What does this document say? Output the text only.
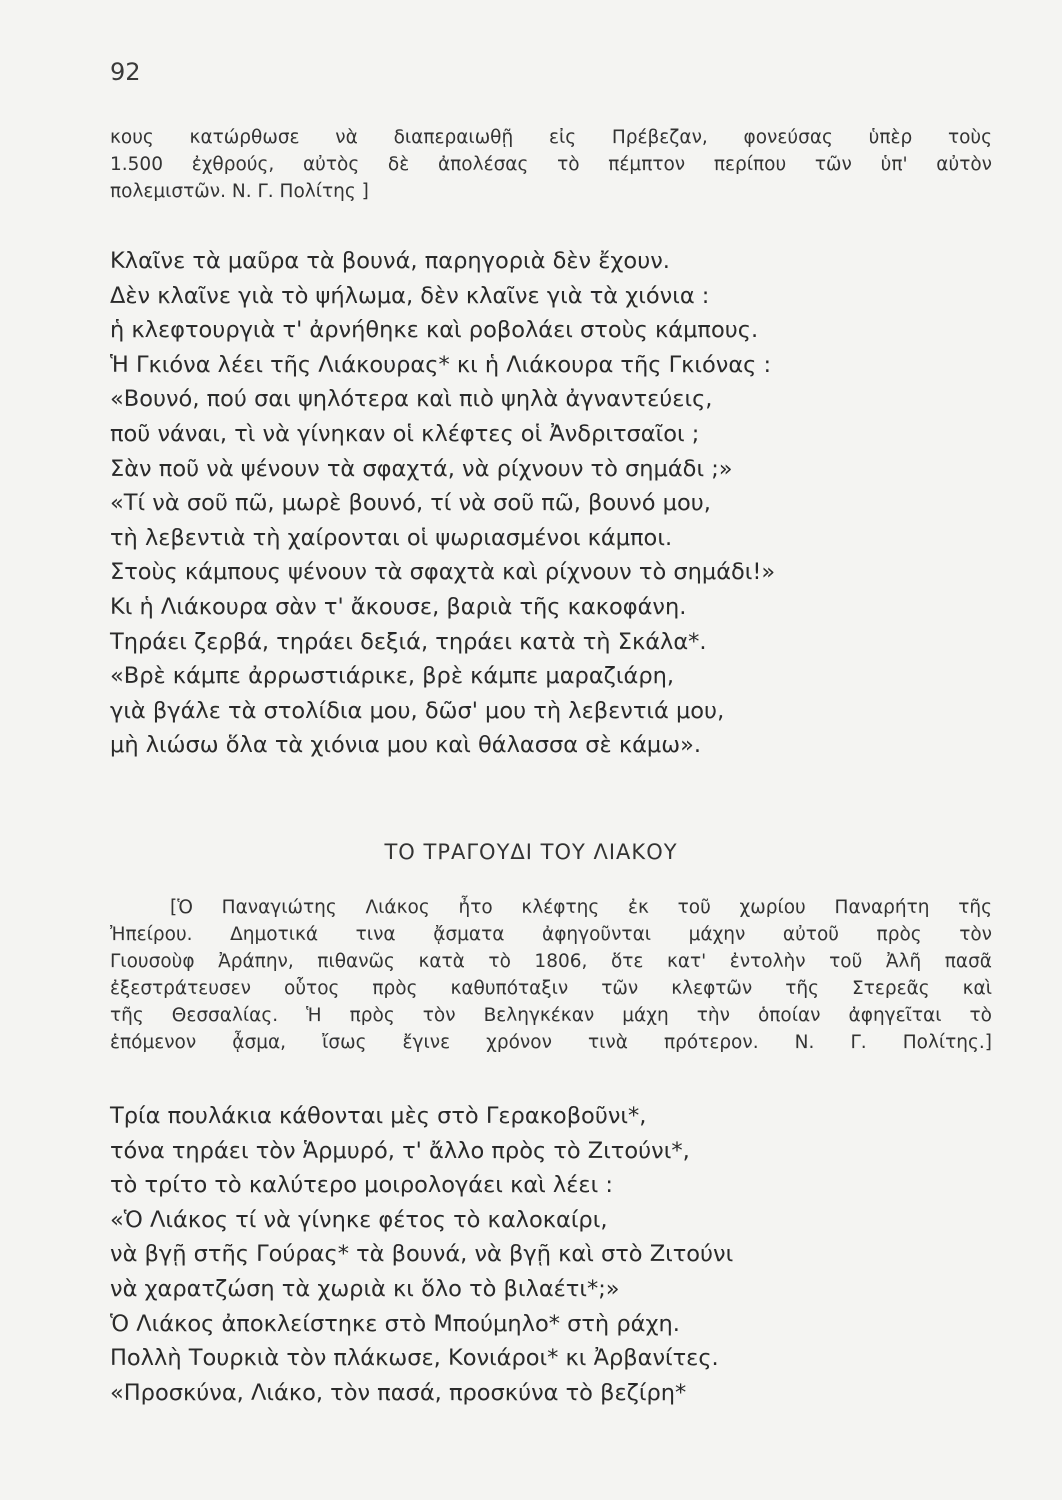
92
κους κατώρθωσε νὰ διαπεραιωθῇ εἰς Πρέβεζαν, φονεύσας ὑπὲρ τοὺς
1.500 ἐχθρούς, αὐτὸς δὲ ἀπολέσας τὸ πέμπτον περίπου τῶν ὑπ' αὐτὸν
πολεμιστῶν. Ν. Γ. Πολίτης ]
Κλαῖνε τὰ μαῦρα τὰ βουνά, παρηγοριὰ δὲν ἔχουν.
Δὲν κλαῖνε γιὰ τὸ ψήλωμα, δὲν κλαῖνε γιὰ τὰ χιόνια :
ἡ κλεφτουργιὰ τ' ἀρνήθηκε καὶ ροβολάει στοὺς κάμπους.
Ἡ Γκιόνα λέει τῆς Λιάκουρας* κι ἡ Λιάκουρα τῆς Γκιόνας :
«Βουνό, πού σαι ψηλότερα καὶ πιὸ ψηλὰ ἀγναντεύεις,
ποῦ νάναι, τὶ νὰ γίνηκαν οἱ κλέφτες οἱ Ἀνδριτσαῖοι ;
Σὰν ποῦ νὰ ψένουν τὰ σφαχτά, νὰ ρίχνουν τὸ σημάδι ;»
«Τί νὰ σοῦ πῶ, μωρὲ βουνό, τί νὰ σοῦ πῶ, βουνό μου,
τὴ λεβεντιὰ τὴ χαίρονται οἱ ψωριασμένοι κάμποι.
Στοὺς κάμπους ψένουν τὰ σφαχτὰ καὶ ρίχνουν τὸ σημάδι!»
Κι ἡ Λιάκουρα σὰν τ' ἄκουσε, βαριὰ τῆς κακοφάνη.
Τηράει ζερβά, τηράει δεξιά, τηράει κατὰ τὴ Σκάλα*.
«Βρὲ κάμπε ἀρρωστιάρικε, βρὲ κάμπε μαραζιάρη,
γιὰ βγάλε τὰ στολίδια μου, δῶσ' μου τὴ λεβεντιά μου,
μὴ λιώσω ὅλα τὰ χιόνια μου καὶ θάλασσα σὲ κάμω».
ΤΟ ΤΡΑΓΟΥΔΙ ΤΟΥ ΛΙΑΚΟΥ
[Ὁ Παναγιώτης Λιάκος ἦτο κλέφτης ἐκ τοῦ χωρίου Παναρήτη τῆς
Ἠπείρου. Δημοτικά τινα ᾄσματα ἀφηγοῦνται μάχην αὐτοῦ πρὸς τὸν
Γιουσοὺφ Ἀράπην, πιθανῶς κατὰ τὸ 1806, ὅτε κατ' ἐντολὴν τοῦ Ἀλῆ πασᾶ
ἐξεστράτευσεν οὗτος πρὸς καθυπόταξιν τῶν κλεφτῶν τῆς Στερεᾶς καὶ
τῆς Θεσσαλίας. Ἡ πρὸς τὸν Βεληγκέκαν μάχη τὴν ὁποίαν ἀφηγεῖται τὸ
ἑπόμενον ᾆσμα, ἴσως ἔγινε χρόνον τινὰ πρότερον. Ν. Γ. Πολίτης.]
Τρία πουλάκια κάθονται μὲς στὸ Γερακοβοῦνι*,
τόνα τηράει τὸν Ἁρμυρό, τ' ἄλλο πρὸς τὸ Ζιτούνι*,
τὸ τρίτο τὸ καλύτερο μοιρολογάει καὶ λέει :
«Ὁ Λιάκος τί νὰ γίνηκε φέτος τὸ καλοκαίρι,
νὰ βγῇ στῆς Γούρας* τὰ βουνά, νὰ βγῇ καὶ στὸ Ζιτούνι
νὰ χαρατζώση τὰ χωριὰ κι ὅλο τὸ βιλαέτι*;»
Ὁ Λιάκος ἀποκλείστηκε στὸ Μπούμηλο* στὴ ράχη.
Πολλὴ Τουρκιὰ τὸν πλάκωσε, Κονιάροι* κι Ἀρβανίτες.
«Προσκύνα, Λιάκο, τὸν πασά, προσκύνα τὸ βεζίρη*
